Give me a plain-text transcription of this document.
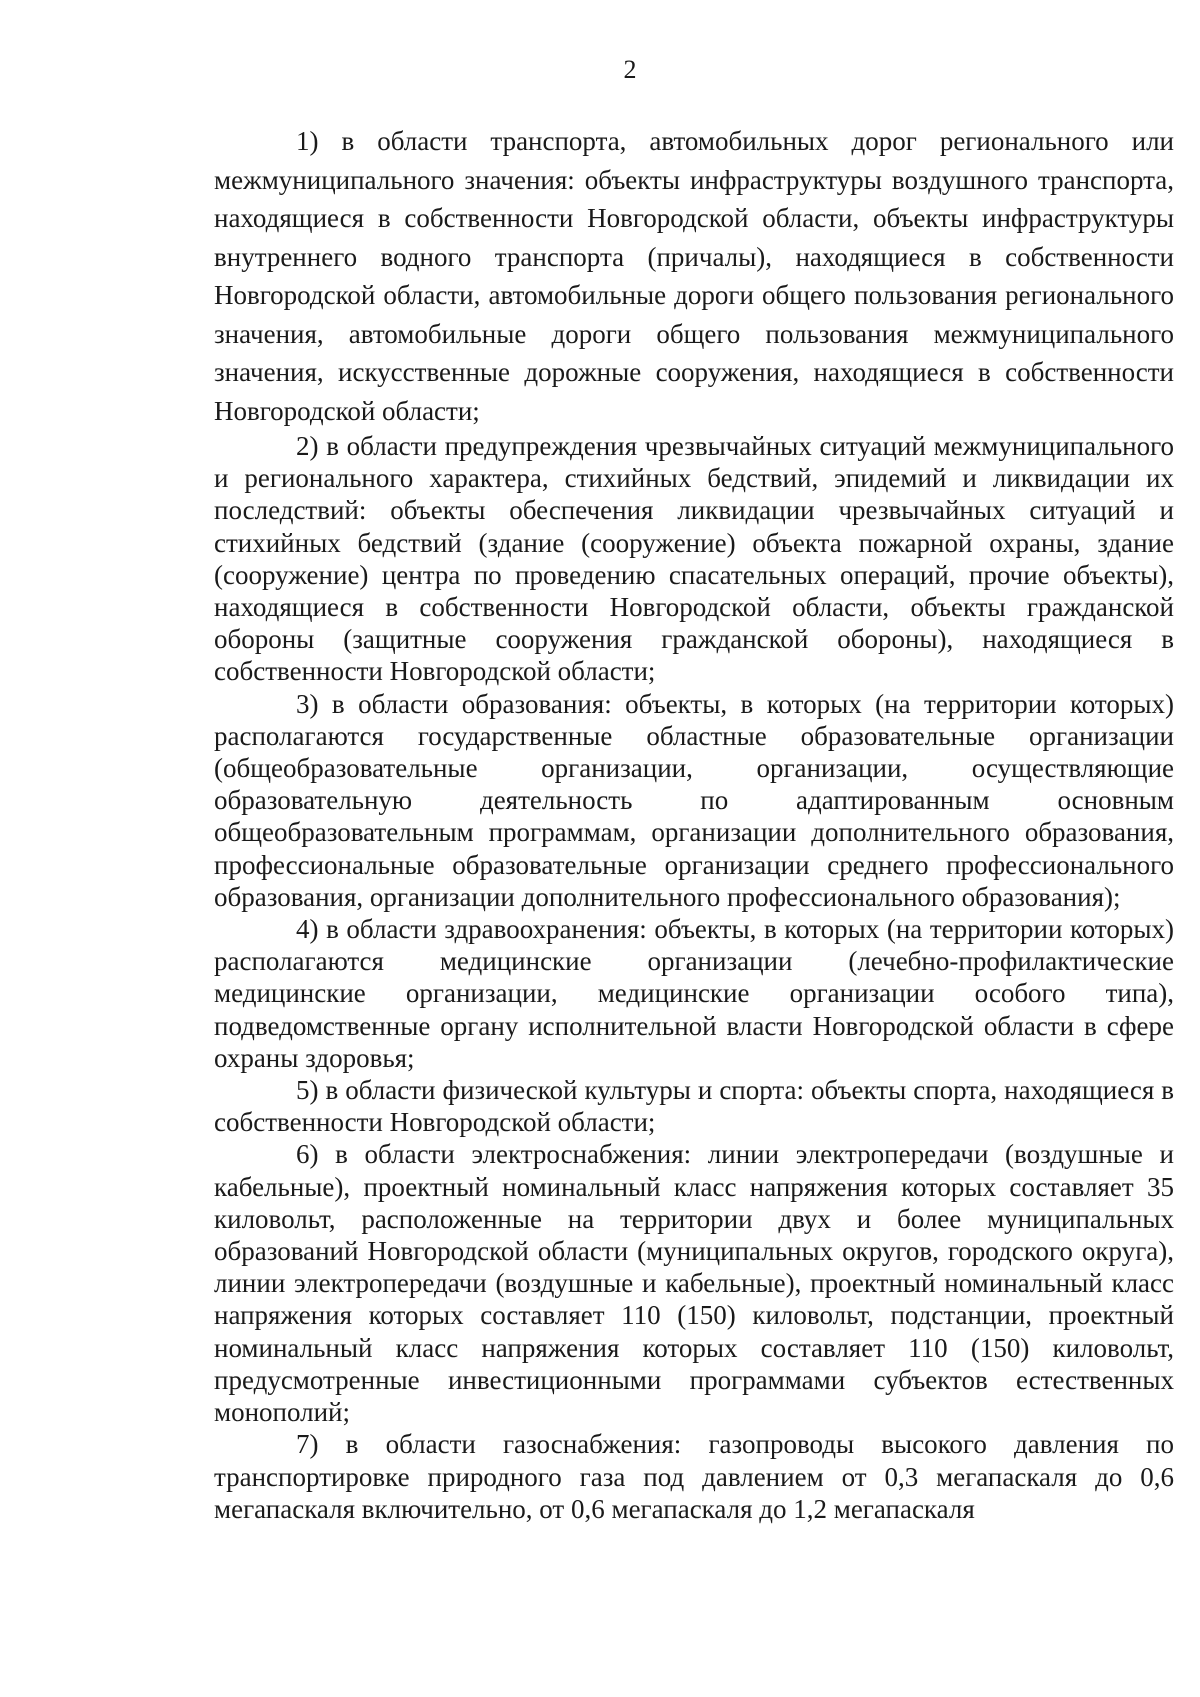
2

1) в области транспорта, автомобильных дорог регионального или межмуниципального значения: объекты инфраструктуры воздушного транспорта, находящиеся в собственности Новгородской области, объекты инфраструктуры внутреннего водного транспорта (причалы), находящиеся в собственности Новгородской области, автомобильные дороги общего пользования регионального значения, автомобильные дороги общего пользования межмуниципального значения, искусственные дорожные сооружения, находящиеся в собственности Новгородской области;

2) в области предупреждения чрезвычайных ситуаций межмуниципального и регионального характера, стихийных бедствий, эпидемий и ликвидации их последствий: объекты обеспечения ликвидации чрезвычайных ситуаций и стихийных бедствий (здание (сооружение) объекта пожарной охраны, здание (сооружение) центра по проведению спасательных операций, прочие объекты), находящиеся в собственности Новгородской области, объекты гражданской обороны (защитные сооружения гражданской обороны), находящиеся в собственности Новгородской области;

3) в области образования: объекты, в которых (на территории которых) располагаются государственные областные образовательные организации (общеобразовательные организации, организации, осуществляющие образовательную деятельность по адаптированным основным общеобразовательным программам, организации дополнительного образования, профессиональные образовательные организации среднего профессионального образования, организации дополнительного профессионального образования);

4) в области здравоохранения: объекты, в которых (на территории которых) располагаются медицинские организации (лечебно-профилактические медицинские организации, медицинские организации особого типа), подведомственные органу исполнительной власти Новгородской области в сфере охраны здоровья;

5) в области физической культуры и спорта: объекты спорта, находящиеся в собственности Новгородской области;

6) в области электроснабжения: линии электропередачи (воздушные и кабельные), проектный номинальный класс напряжения которых составляет 35 киловольт, расположенные на территории двух и более муниципальных образований Новгородской области (муниципальных округов, городского округа), линии электропередачи (воздушные и кабельные), проектный номинальный класс напряжения которых составляет 110 (150) киловольт, подстанции, проектный номинальный класс напряжения которых составляет 110 (150) киловольт, предусмотренные инвестиционными программами субъектов естественных монополий;

7) в области газоснабжения: газопроводы высокого давления по транспортировке природного газа под давлением от 0,3 мегапаскаля до 0,6 мегапаскаля включительно, от 0,6 мегапаскаля до 1,2 мегапаскаля
